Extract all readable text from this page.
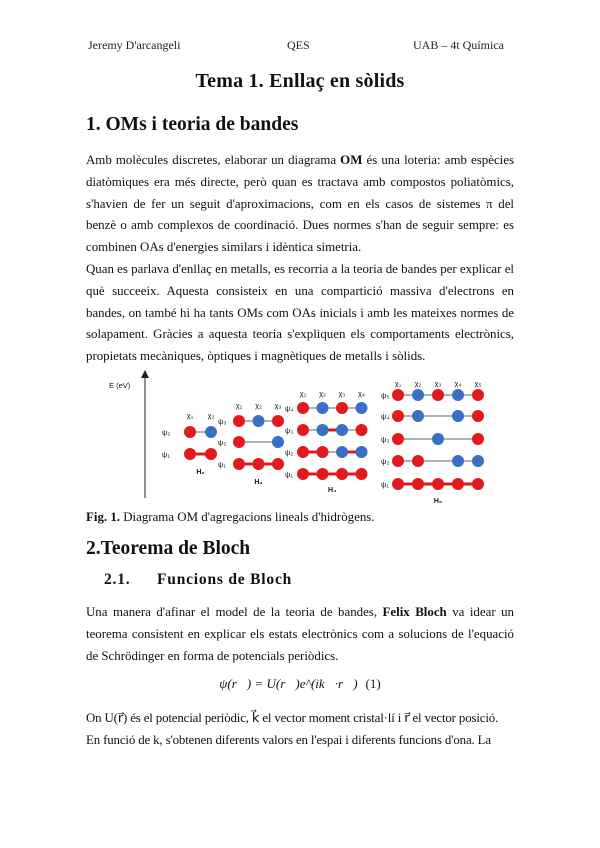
Jeremy D'arcangeli	QES	UAB – 4t Química
Tema 1. Enllaç en sòlids
1. OMs i teoria de bandes
Amb molècules discretes, elaborar un diagrama OM és una loteria: amb espècies diatòmiques era més directe, però quan es tractava amb compostos poliatòmics, s'havien de fer un seguit d'aproximacions, com en els casos de sistemes π del benzè o amb complexos de coordinació. Dues normes s'han de seguir sempre: es combinen OAs d'energies similars i idèntica simetria.
Quan es parlava d'enllaç en metalls, es recorria a la teoria de bandes per explicar el què succeeix. Aquesta consisteix en una compartició massiva d'electrons en bandes, on també hi ha tants OMs com OAs inicials i amb les mateixes normes de solapament. Gràcies a aquesta teoria s'expliquen els comportaments electrònics, propietats mecàniques, òptiques i magnètiques de metalls i sòlids.
E (eV)
χ₁ χ₂
ψ₂
ψ₁
H₂
χ₁ χ₂ χ₃
ψ₃
ψ₂
ψ₁
H₃
χ₁ χ₂ χ₃ χ₄
ψ₄
ψ₃
ψ₂
ψ₁
H₄
χ₁ χ₂ χ₃ χ₄ χ₅
ψ₅
ψ₄
ψ₃
ψ₂
ψ₁
H₅
Fig. 1. Diagrama OM d'agregacions lineals d'hidrògens.
2.Teorema de Bloch
2.1. Funcions de Bloch
Una manera d'afinar el model de la teoria de bandes, Felix Bloch va idear un teorema consistent en explicar els estats electrònics com a solucions de l'equació de Schrödinger en forma de potencials periòdics.
ψ(r⃗) = U(r⃗)e^(ik⃗·r⃗) (1)
On U(r⃗) és el potencial periòdic, k⃗ el vector moment cristal·lí i r⃗ el vector posició.
En funció de k, s'obtenen diferents valors en l'espai i diferents funcions d'ona. La
